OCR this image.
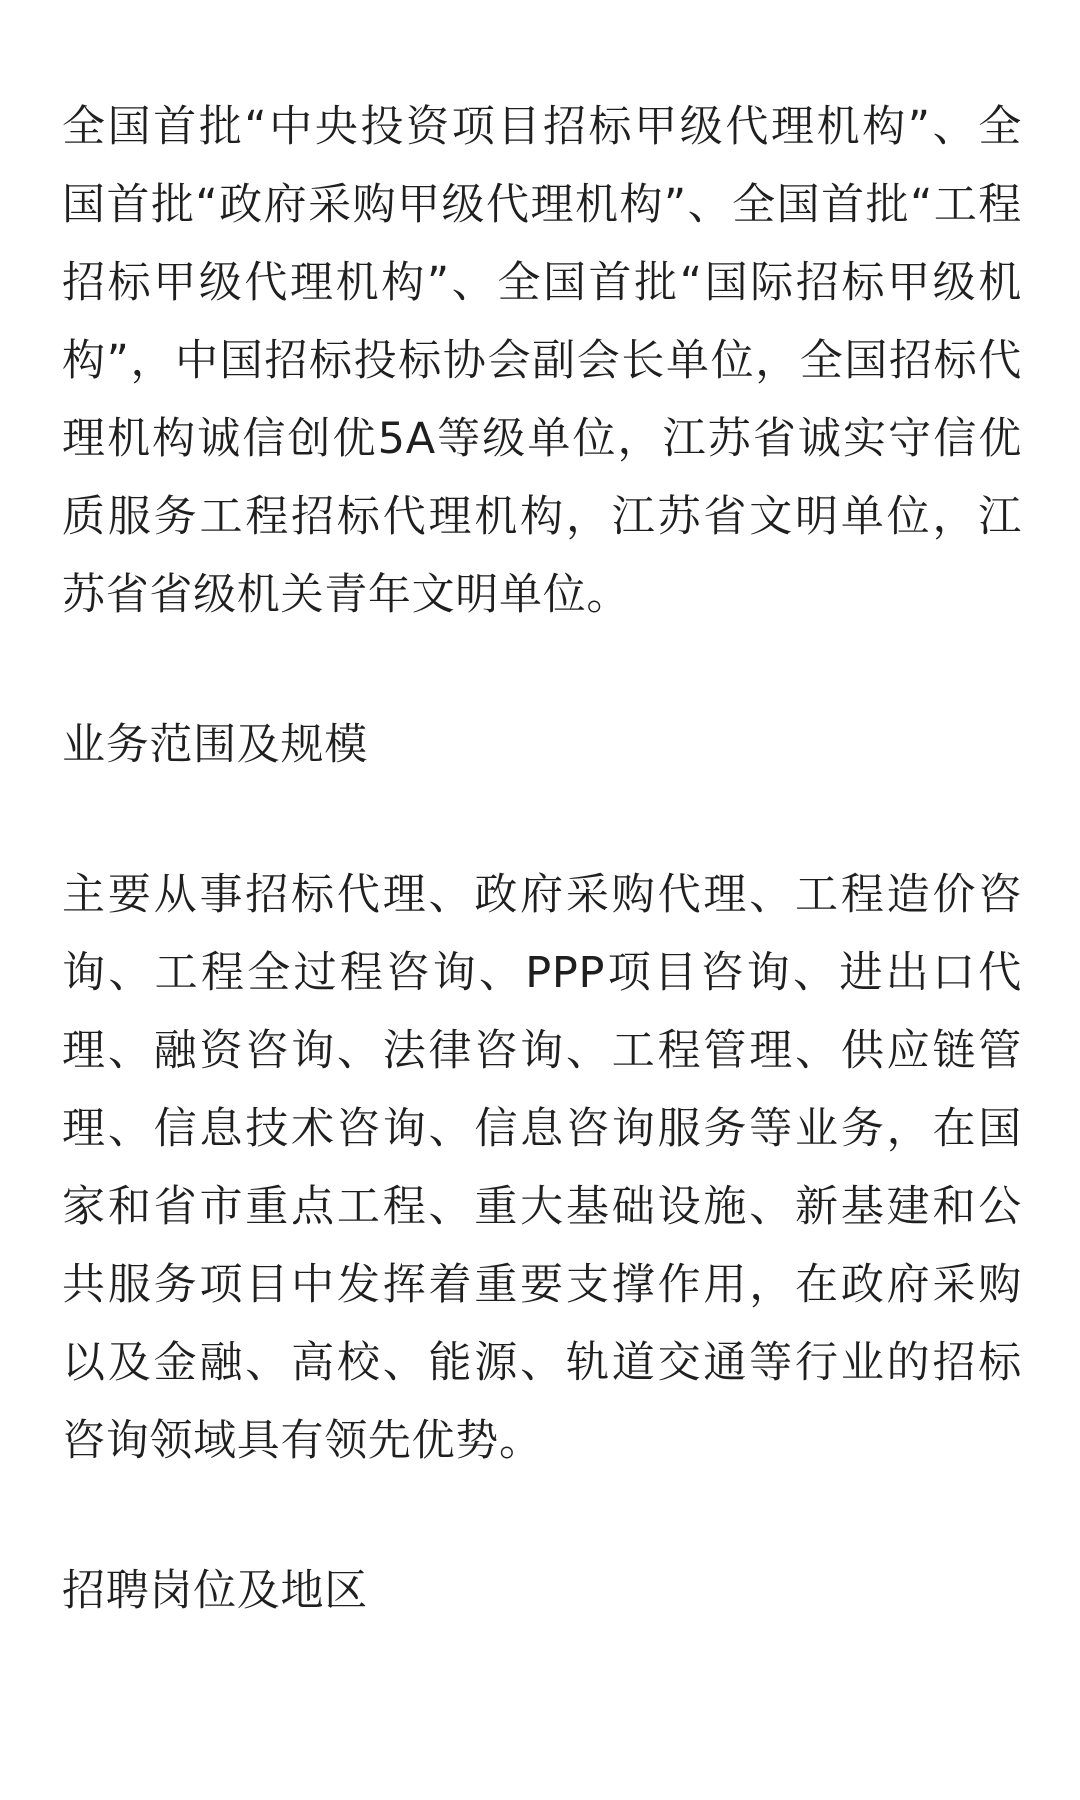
全国首批“中央投资项目招标甲级代理机构”、全国首批“政府采购甲级代理机构”、全国首批“工程招标甲级代理机构”、全国首批“国际招标甲级机构”，中国招标投标协会副会长单位，全国招标代理机构诚信创优5A等级单位，江苏省诚实守信优质服务工程招标代理机构，江苏省文明单位，江苏省省级机关青年文明单位。

业务范围及规模

主要从事招标代理、政府采购代理、工程造价咨询、工程全过程咨询、PPP项目咨询、进出口代理、融资咨询、法律咨询、工程管理、供应链管理、信息技术咨询、信息咨询服务等业务，在国家和省市重点工程、重大基础设施、新基建和公共服务项目中发挥着重要支撑作用，在政府采购以及金融、高校、能源、轨道交通等行业的招标咨询领域具有领先优势。

招聘岗位及地区
